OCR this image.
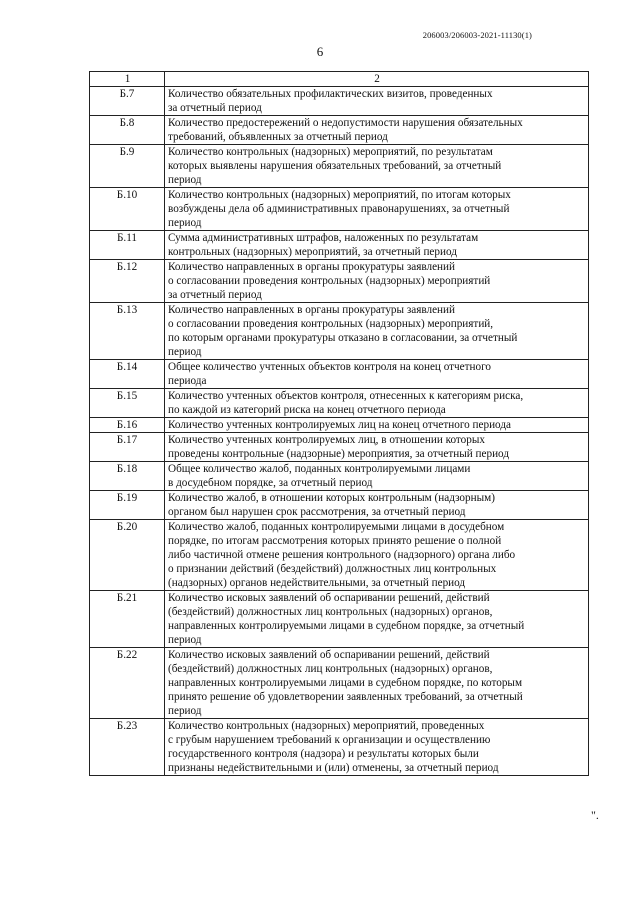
206003/206003-2021-11130(1)
6
1	2
Б.7	Количество обязательных профилактических визитов, проведенных
за отчетный период

Б.8	Количество предостережений о недопустимости нарушения обязательных
требований, объявленных за отчетный период

Б.9	Количество контрольных (надзорных) мероприятий, по результатам
которых выявлены нарушения обязательных требований, за отчетный
период

Б.10	Количество контрольных (надзорных) мероприятий, по итогам которых
возбуждены дела об административных правонарушениях, за отчетный
период

Б.11	Сумма административных штрафов, наложенных по результатам
контрольных (надзорных) мероприятий, за отчетный период

Б.12	Количество направленных в органы прокуратуры заявлений
о согласовании проведения контрольных (надзорных) мероприятий
за отчетный период

Б.13	Количество направленных в органы прокуратуры заявлений
о согласовании проведения контрольных (надзорных) мероприятий,
по которым органами прокуратуры отказано в согласовании, за отчетный
период

Б.14	Общее количество учтенных объектов контроля на конец отчетного
периода

Б.15	Количество учтенных объектов контроля, отнесенных к категориям риска,
по каждой из категорий риска на конец отчетного периода

Б.16	Количество учтенных контролируемых лиц на конец отчетного периода

Б.17	Количество учтенных контролируемых лиц, в отношении которых
проведены контрольные (надзорные) мероприятия, за отчетный период

Б.18	Общее количество жалоб, поданных контролируемыми лицами
в досудебном порядке, за отчетный период

Б.19	Количество жалоб, в отношении которых контрольным (надзорным)
органом был нарушен срок рассмотрения, за отчетный период

Б.20	Количество жалоб, поданных контролируемыми лицами в досудебном
порядке, по итогам рассмотрения которых принято решение о полной
либо частичной отмене решения контрольного (надзорного) органа либо
о признании действий (бездействий) должностных лиц контрольных
(надзорных) органов недействительными, за отчетный период

Б.21	Количество исковых заявлений об оспаривании решений, действий
(бездействий) должностных лиц контрольных (надзорных) органов,
направленных контролируемыми лицами в судебном порядке, за отчетный
период

Б.22	Количество исковых заявлений об оспаривании решений, действий
(бездействий) должностных лиц контрольных (надзорных) органов,
направленных контролируемыми лицами в судебном порядке, по которым
принято решение об удовлетворении заявленных требований, за отчетный
период

Б.23	Количество контрольных (надзорных) мероприятий, проведенных
с грубым нарушением требований к организации и осуществлению
государственного контроля (надзора) и результаты которых были
признаны недействительными и (или) отменены, за отчетный период
".
